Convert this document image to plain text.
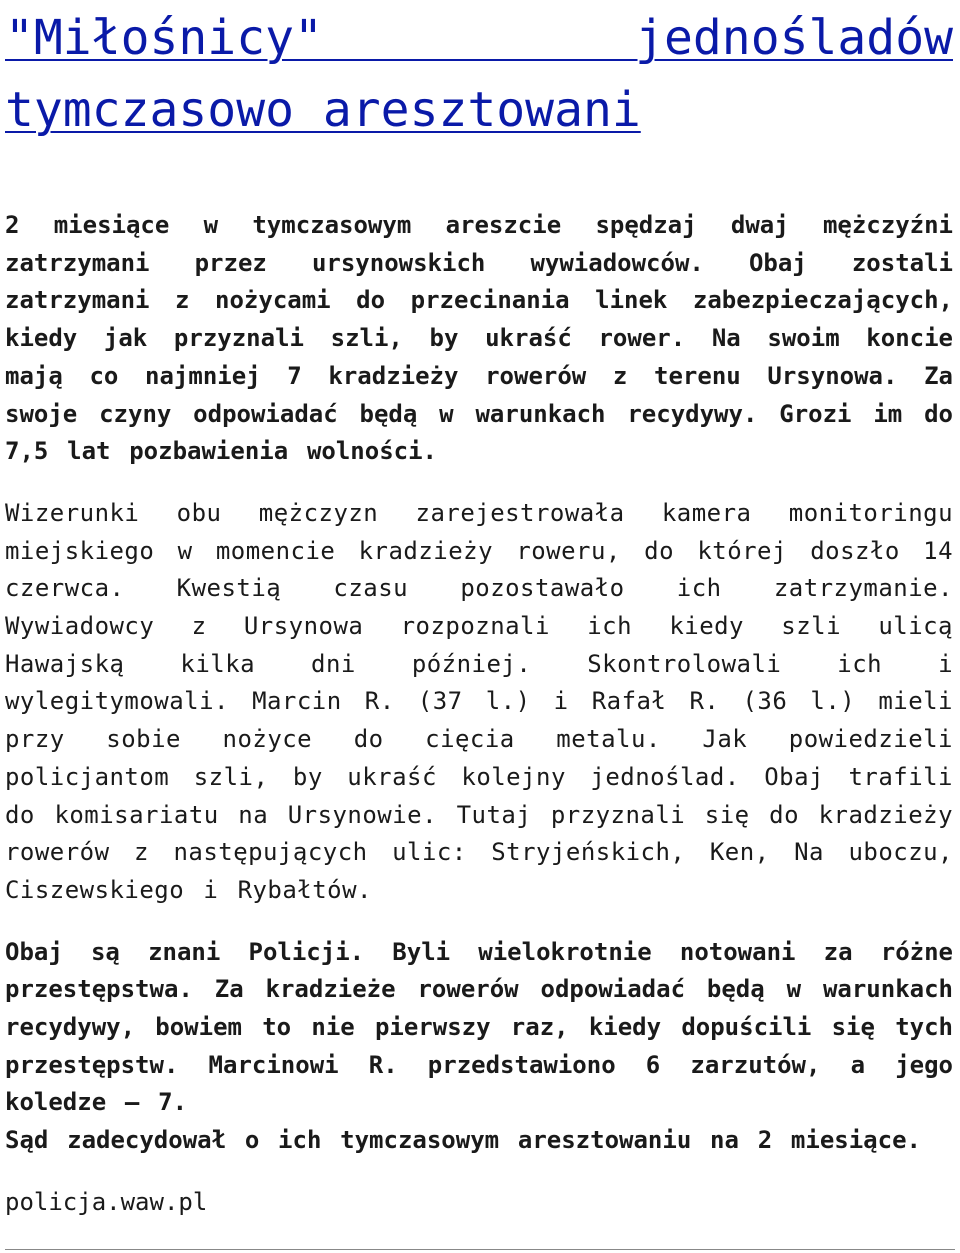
"Miłośnicy" jednośladów tymczasowo aresztowani

2 miesiące w tymczasowym areszcie spędzaj dwaj mężczyźni zatrzymani przez ursynowskich wywiadowców. Obaj zostali zatrzymani z nożycami do przecinania linek zabezpieczających, kiedy jak przyznali szli, by ukraść rower. Na swoim koncie mają co najmniej 7 kradzieży rowerów z terenu Ursynowa. Za swoje czyny odpowiadać będą w warunkach recydywy. Grozi im do 7,5 lat pozbawienia wolności.

Wizerunki obu mężczyzn zarejestrowała kamera monitoringu miejskiego w momencie kradzieży roweru, do której doszło 14 czerwca. Kwestią czasu pozostawało ich zatrzymanie. Wywiadowcy z Ursynowa rozpoznali ich kiedy szli ulicą Hawajską kilka dni później. Skontrolowali ich i wylegitymowali. Marcin R. (37 l.) i Rafał R. (36 l.) mieli przy sobie nożyce do cięcia metalu. Jak powiedzieli policjantom szli, by ukraść kolejny jednoślad. Obaj trafili do komisariatu na Ursynowie. Tutaj przyznali się do kradzieży rowerów z następujących ulic: Stryjeńskich, Ken, Na uboczu, Ciszewskiego i Rybałtów.

Obaj są znani Policji. Byli wielokrotnie notowani za różne przestępstwa. Za kradzieże rowerów odpowiadać będą w warunkach recydywy, bowiem to nie pierwszy raz, kiedy dopuścili się tych przestępstw. Marcinowi R. przedstawiono 6 zarzutów, a jego koledze – 7.

Sąd zadecydował o ich tymczasowym aresztowaniu na 2 miesiące.

policja.waw.pl
